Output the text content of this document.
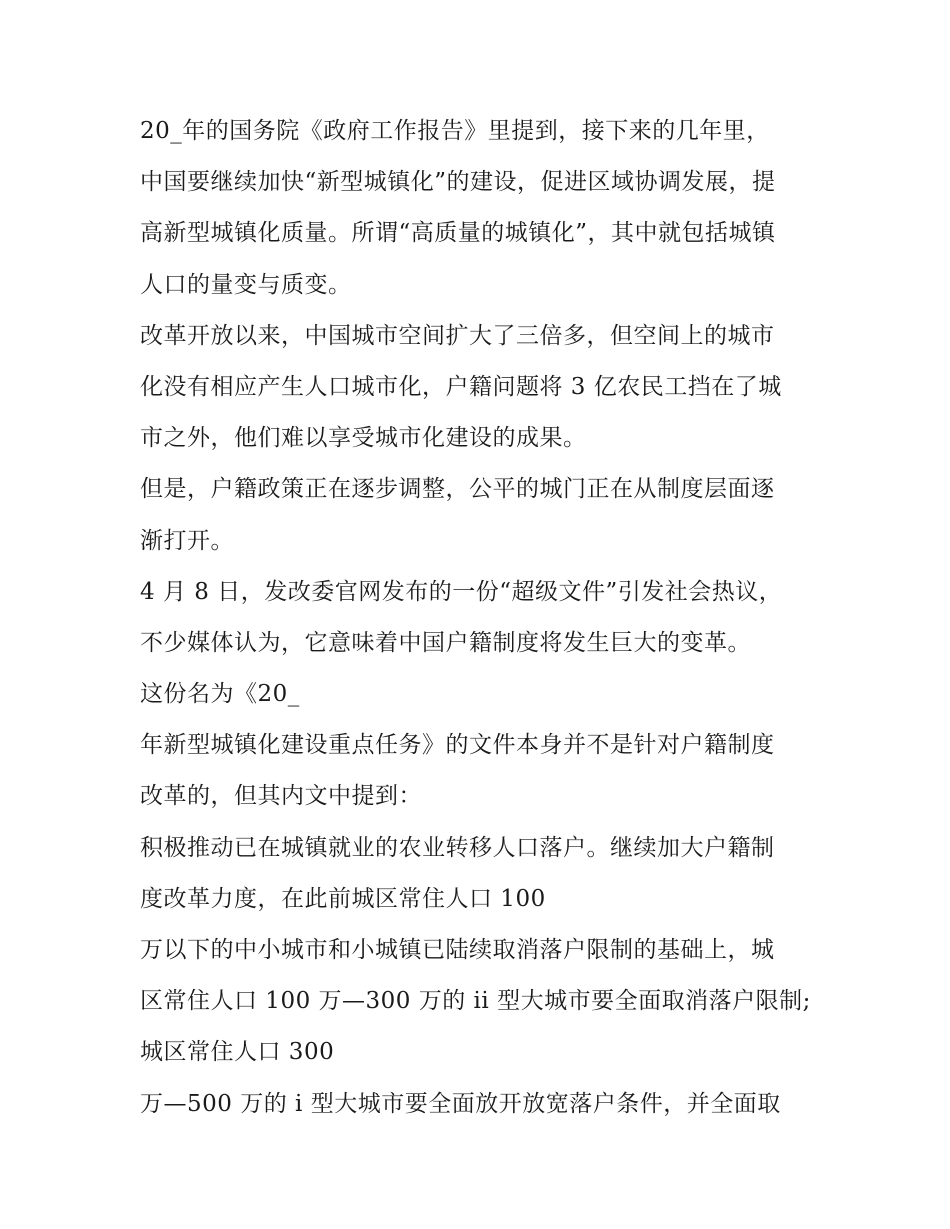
20_年的国务院《政府工作报告》里提到，接下来的几年里，
中国要继续加快“新型城镇化”的建设，促进区域协调发展，提
高新型城镇化质量。所谓“高质量的城镇化”，其中就包括城镇
人口的量变与质变。
改革开放以来，中国城市空间扩大了三倍多，但空间上的城市
化没有相应产生人口城市化，户籍问题将 3 亿农民工挡在了城
市之外，他们难以享受城市化建设的成果。
但是，户籍政策正在逐步调整，公平的城门正在从制度层面逐
渐打开。
4 月 8 日，发改委官网发布的一份“超级文件”引发社会热议，
不少媒体认为，它意味着中国户籍制度将发生巨大的变革。
这份名为《20_
年新型城镇化建设重点任务》的文件本身并不是针对户籍制度
改革的，但其内文中提到：
积极推动已在城镇就业的农业转移人口落户。继续加大户籍制
度改革力度，在此前城区常住人口 100
万以下的中小城市和小城镇已陆续取消落户限制的基础上，城
区常住人口 100 万—300 万的 ii 型大城市要全面取消落户限制;
城区常住人口 300
万—500 万的 i 型大城市要全面放开放宽落户条件，并全面取
